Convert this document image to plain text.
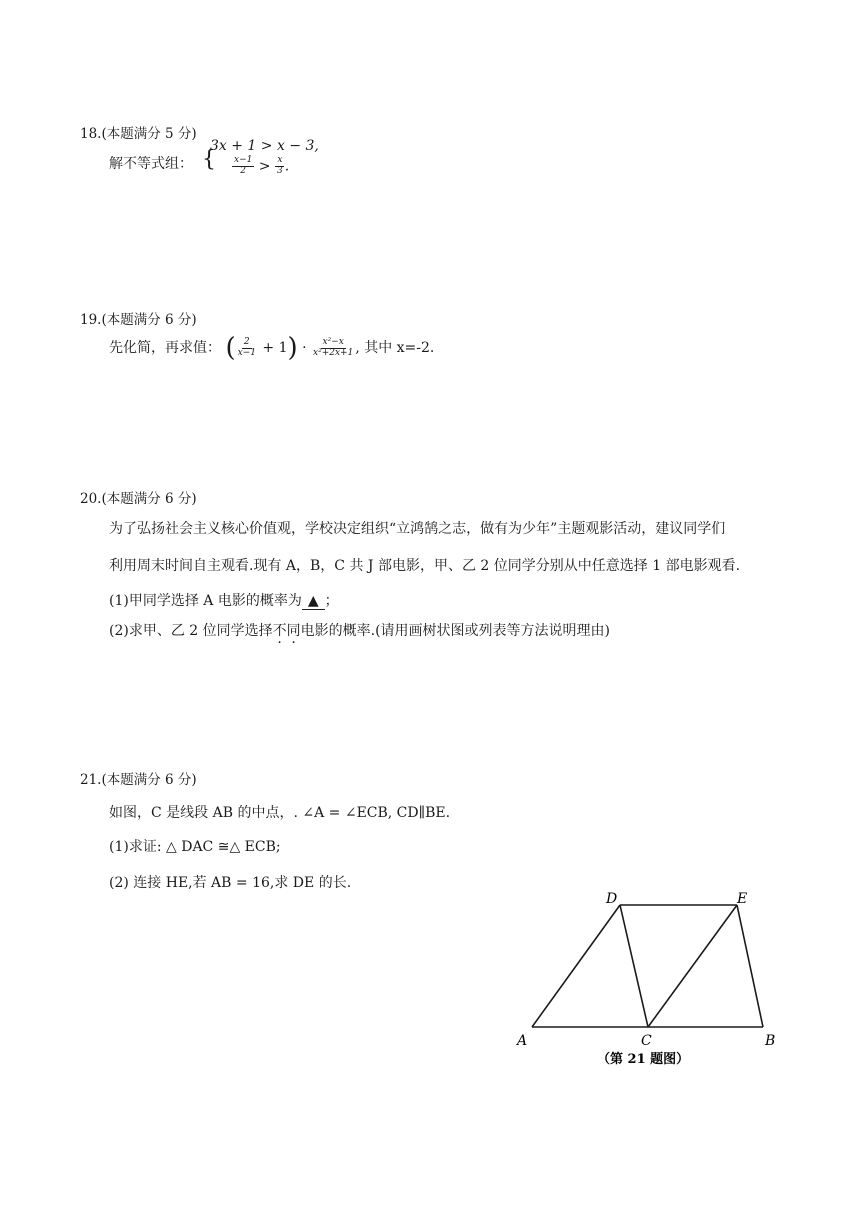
18.(本题满分 5 分)
解不等式组： {
3x + 1 > x − 3,
$\frac{x-1}{2} > \frac{x}{3}$ .
19.(本题满分 6 分)
先化简，再求值： ( $\frac{2}{x-1} + 1) \cdot \frac{\text{x²−x}}{\text{x²+2x+1}}$ , 其中 x=-2.
20.(本题满分 6 分)
为了弘扬社会主义核心价值观，学校决定组织“立鸿鹄之志，做有为少年”主题观影活动，建议同学们
利用周末时间自主观看.现有 A，B，C 共 J 部电影，甲、乙 2 位同学分别从中任意选择 1 部电影观看.
(1)甲同学选择 A 电影的概率为 ▲ ；
(2)求甲、乙 2 位同学选择不同电影的概率.(请用画树状图或列表等方法说明理由)
21.(本题满分 6 分)
如图，C 是线段 AB 的中点，. ∠A = ∠ECB, CD∥BE.
(1)求证: △ DAC ≅△ ECB;
(2) 连接 HE,若 AB = 16,求 DE 的长.
A	B
C
D	E
（第 21 题图）
